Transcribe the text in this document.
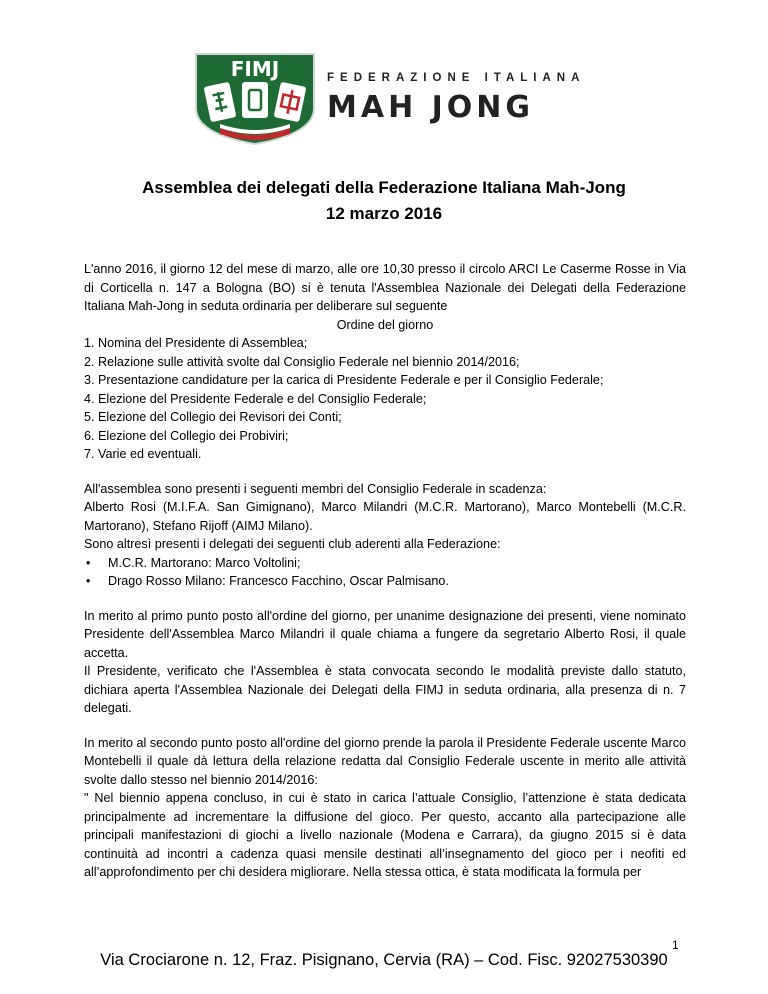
FIMJ	FEDERAZIONE ITALIANA
MAH JONG
Assemblea dei delegati della Federazione Italiana Mah-Jong
12 marzo 2016

L'anno 2016, il giorno 12 del mese di marzo, alle ore 10,30 presso il circolo ARCI Le Caserme Rosse in Via di Corticella n. 147 a Bologna (BO) si è tenuta l'Assemblea Nazionale dei Delegati della Federazione Italiana Mah-Jong in seduta ordinaria per deliberare sul seguente

Ordine del giorno

1. Nomina del Presidente di Assemblea;

2. Relazione sulle attività svolte dal Consiglio Federale nel biennio 2014/2016;

3. Presentazione candidature per la carica di Presidente Federale e per il Consiglio Federale;

4. Elezione del Presidente Federale e del Consiglio Federale;

5. Elezione del Collegio dei Revisori dei Conti;

6. Elezione del Collegio dei Probiviri;

7. Varie ed eventuali.

All'assemblea sono presenti i seguenti membri del Consiglio Federale in scadenza:

Alberto Rosi (M.I.F.A. San Gimignano), Marco Milandri (M.C.R. Martorano), Marco Montebelli (M.C.R. Martorano), Stefano Rijoff (AIMJ Milano).

Sono altresì presenti i delegati dei seguenti club aderenti alla Federazione:

• M.C.R. Martorano: Marco Voltolini;
• Drago Rosso Milano: Francesco Facchino, Oscar Palmisano.

In merito al primo punto posto all'ordine del giorno, per unanime designazione dei presenti, viene nominato Presidente dell'Assemblea Marco Milandri il quale chiama a fungere da segretario Alberto Rosi, il quale accetta.

Il Presidente, verificato che l'Assemblea è stata convocata secondo le modalità previste dallo statuto, dichiara aperta l'Assemblea Nazionale dei Delegati della FIMJ in seduta ordinaria, alla presenza di n. 7 delegati.

In merito al secondo punto posto all'ordine del giorno prende la parola il Presidente Federale uscente Marco Montebelli il quale dà lettura della relazione redatta dal Consiglio Federale uscente in merito alle attività svolte dallo stesso nel biennio 2014/2016:

" Nel biennio appena concluso, in cui è stato in carica l’attuale Consiglio, l’attenzione è stata dedicata principalmente ad incrementare la diffusione del gioco. Per questo, accanto alla partecipazione alle principali manifestazioni di giochi a livello nazionale (Modena e Carrara), da giugno 2015 si è data continuità ad incontri a cadenza quasi mensile destinati all’insegnamento del gioco per i neofiti ed all’approfondimento per chi desidera migliorare. Nella stessa ottica, è stata modificata la formula per

1
Via Crociarone n. 12, Fraz. Pisignano, Cervia (RA) – Cod. Fisc. 92027530390
